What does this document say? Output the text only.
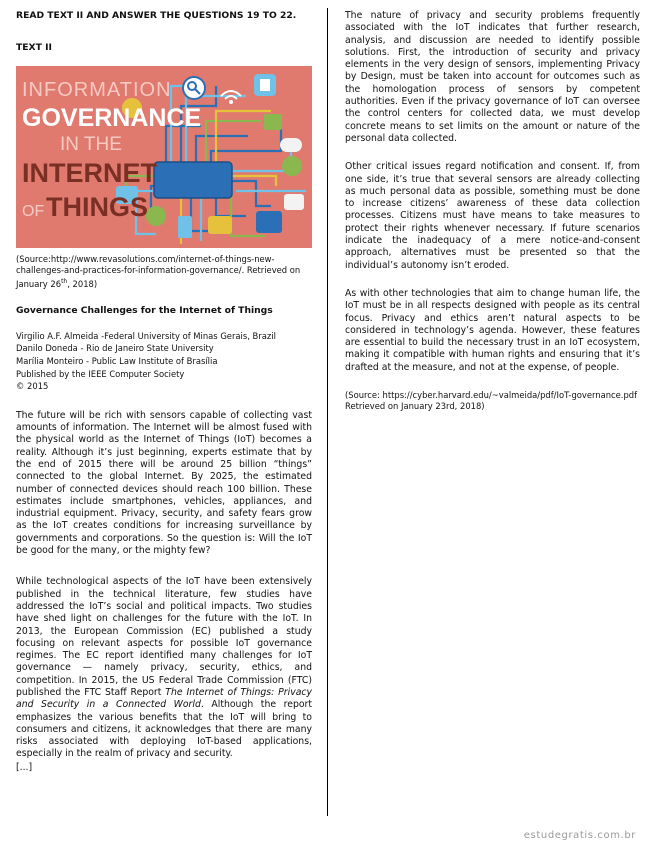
READ TEXT II AND ANSWER THE QUESTIONS 19 TO 22.
TEXT II
INFORMATION
GOVERNANCE
IN THE
INTERNET
OF THINGS
(Source:http://www.revasolutions.com/internet-of-things-new-challenges-and-practices-for-information-governance/. Retrieved on January 26th, 2018)
Governance Challenges for the Internet of Things
Virgilio A.F. Almeida -Federal University of Minas Gerais, Brazil
Danilo Doneda - Rio de Janeiro State University
Marília Monteiro - Public Law Institute of Brasília
Published by the IEEE Computer Society
© 2015

The future will be rich with sensors capable of collecting vast amounts of information. The Internet will be almost fused with the physical world as the Internet of Things (IoT) becomes a reality. Although it’s just beginning, experts estimate that by the end of 2015 there will be around 25 billion “things” connected to the global Internet. By 2025, the estimated number of connected devices should reach 100 billion. These estimates include smartphones, vehicles, appliances, and industrial equipment. Privacy, security, and safety fears grow as the IoT creates conditions for increasing surveillance by governments and corporations. So the question is: Will the IoT be good for the many, or the mighty few?

While technological aspects of the IoT have been extensively published in the technical literature, few studies have addressed the IoT’s social and political impacts. Two studies have shed light on challenges for the future with the IoT. In 2013, the European Commission (EC) published a study focusing on relevant aspects for possible IoT governance regimes. The EC report identified many challenges for IoT governance — namely privacy, security, ethics, and competition. In 2015, the US Federal Trade Commission (FTC) published the FTC Staff Report The Internet of Things: Privacy and Security in a Connected World. Although the report emphasizes the various benefits that the IoT will bring to consumers and citizens, it acknowledges that there are many risks associated with deploying IoT-based applications, especially in the realm of privacy and security.

[...]

The nature of privacy and security problems frequently associated with the IoT indicates that further research, analysis, and discussion are needed to identify possible solutions. First, the introduction of security and privacy elements in the very design of sensors, implementing Privacy by Design, must be taken into account for outcomes such as the homologation process of sensors by competent authorities. Even if the privacy governance of IoT can oversee the control centers for collected data, we must develop concrete means to set limits on the amount or nature of the personal data collected.

Other critical issues regard notification and consent. If, from one side, it’s true that several sensors are already collecting as much personal data as possible, something must be done to increase citizens’ awareness of these data collection processes. Citizens must have means to take measures to protect their rights whenever necessary. If future scenarios indicate the inadequacy of a mere notice-and-consent approach, alternatives must be presented so that the individual’s autonomy isn’t eroded.

As with other technologies that aim to change human life, the IoT must be in all respects designed with people as its central focus. Privacy and ethics aren’t natural aspects to be considered in technology’s agenda. However, these features are essential to build the necessary trust in an IoT ecosystem, making it compatible with human rights and ensuring that it’s drafted at the measure, and not at the expense, of people.

(Source: https://cyber.harvard.edu/~valmeida/pdf/IoT-governance.pdf Retrieved on January 23rd, 2018)
estudegratis.com.br
